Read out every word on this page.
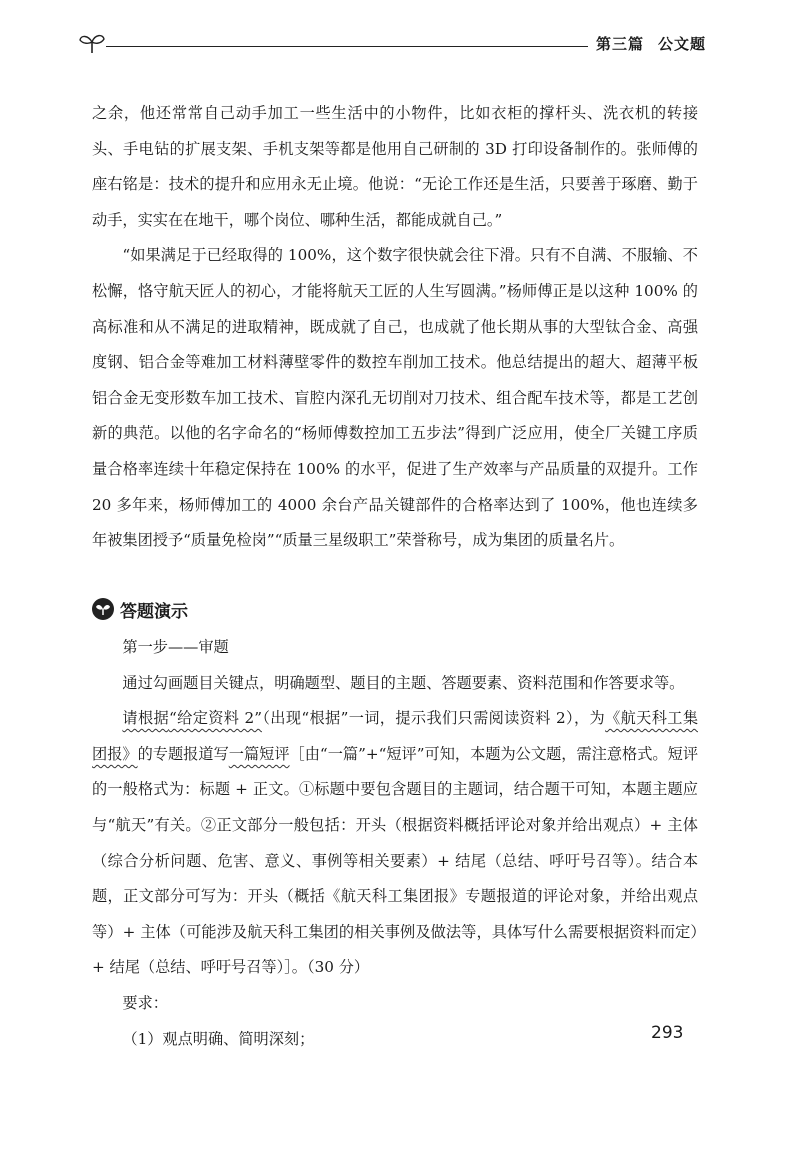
第三篇 公文题

之余，他还常常自己动手加工一些生活中的小物件，比如衣柜的撑杆头、洗衣机的转接头、手电钻的扩展支架、手机支架等都是他用自己研制的 3D 打印设备制作的。张师傅的座右铭是：技术的提升和应用永无止境。他说：“无论工作还是生活，只要善于琢磨、勤于动手，实实在在地干，哪个岗位、哪种生活，都能成就自己。”

“如果满足于已经取得的 100%，这个数字很快就会往下滑。只有不自满、不服输、不松懈，恪守航天匠人的初心，才能将航天工匠的人生写圆满。”杨师傅正是以这种 100% 的高标准和从不满足的进取精神，既成就了自己，也成就了他长期从事的大型钛合金、高强度钢、铝合金等难加工材料薄壁零件的数控车削加工技术。他总结提出的超大、超薄平板铝合金无变形数车加工技术、盲腔内深孔无切削对刀技术、组合配车技术等，都是工艺创新的典范。以他的名字命名的“杨师傅数控加工五步法”得到广泛应用，使全厂关键工序质量合格率连续十年稳定保持在 100% 的水平，促进了生产效率与产品质量的双提升。工作 20 多年来，杨师傅加工的 4000 余台产品关键部件的合格率达到了 100%，他也连续多年被集团授予“质量免检岗”“质量三星级职工”荣誉称号，成为集团的质量名片。

答题演示

第一步——审题

通过勾画题目关键点，明确题型、题目的主题、答题要素、资料范围和作答要求等。

请根据“给定资料 2”（出现“根据”一词，提示我们只需阅读资料 2），为《航天科工集团报》的专题报道写一篇短评［由“一篇”+“短评”可知，本题为公文题，需注意格式。短评的一般格式为：标题 + 正文。①标题中要包含题目的主题词，结合题干可知，本题主题应与“航天”有关。②正文部分一般包括：开头（根据资料概括评论对象并给出观点）+ 主体（综合分析问题、危害、意义、事例等相关要素）+ 结尾（总结、呼吁号召等）。结合本题，正文部分可写为：开头（概括《航天科工集团报》专题报道的评论对象，并给出观点等）+ 主体（可能涉及航天科工集团的相关事例及做法等，具体写什么需要根据资料而定）+ 结尾（总结、呼吁号召等）］。（30 分）

要求：

（1）观点明确、简明深刻；	293
